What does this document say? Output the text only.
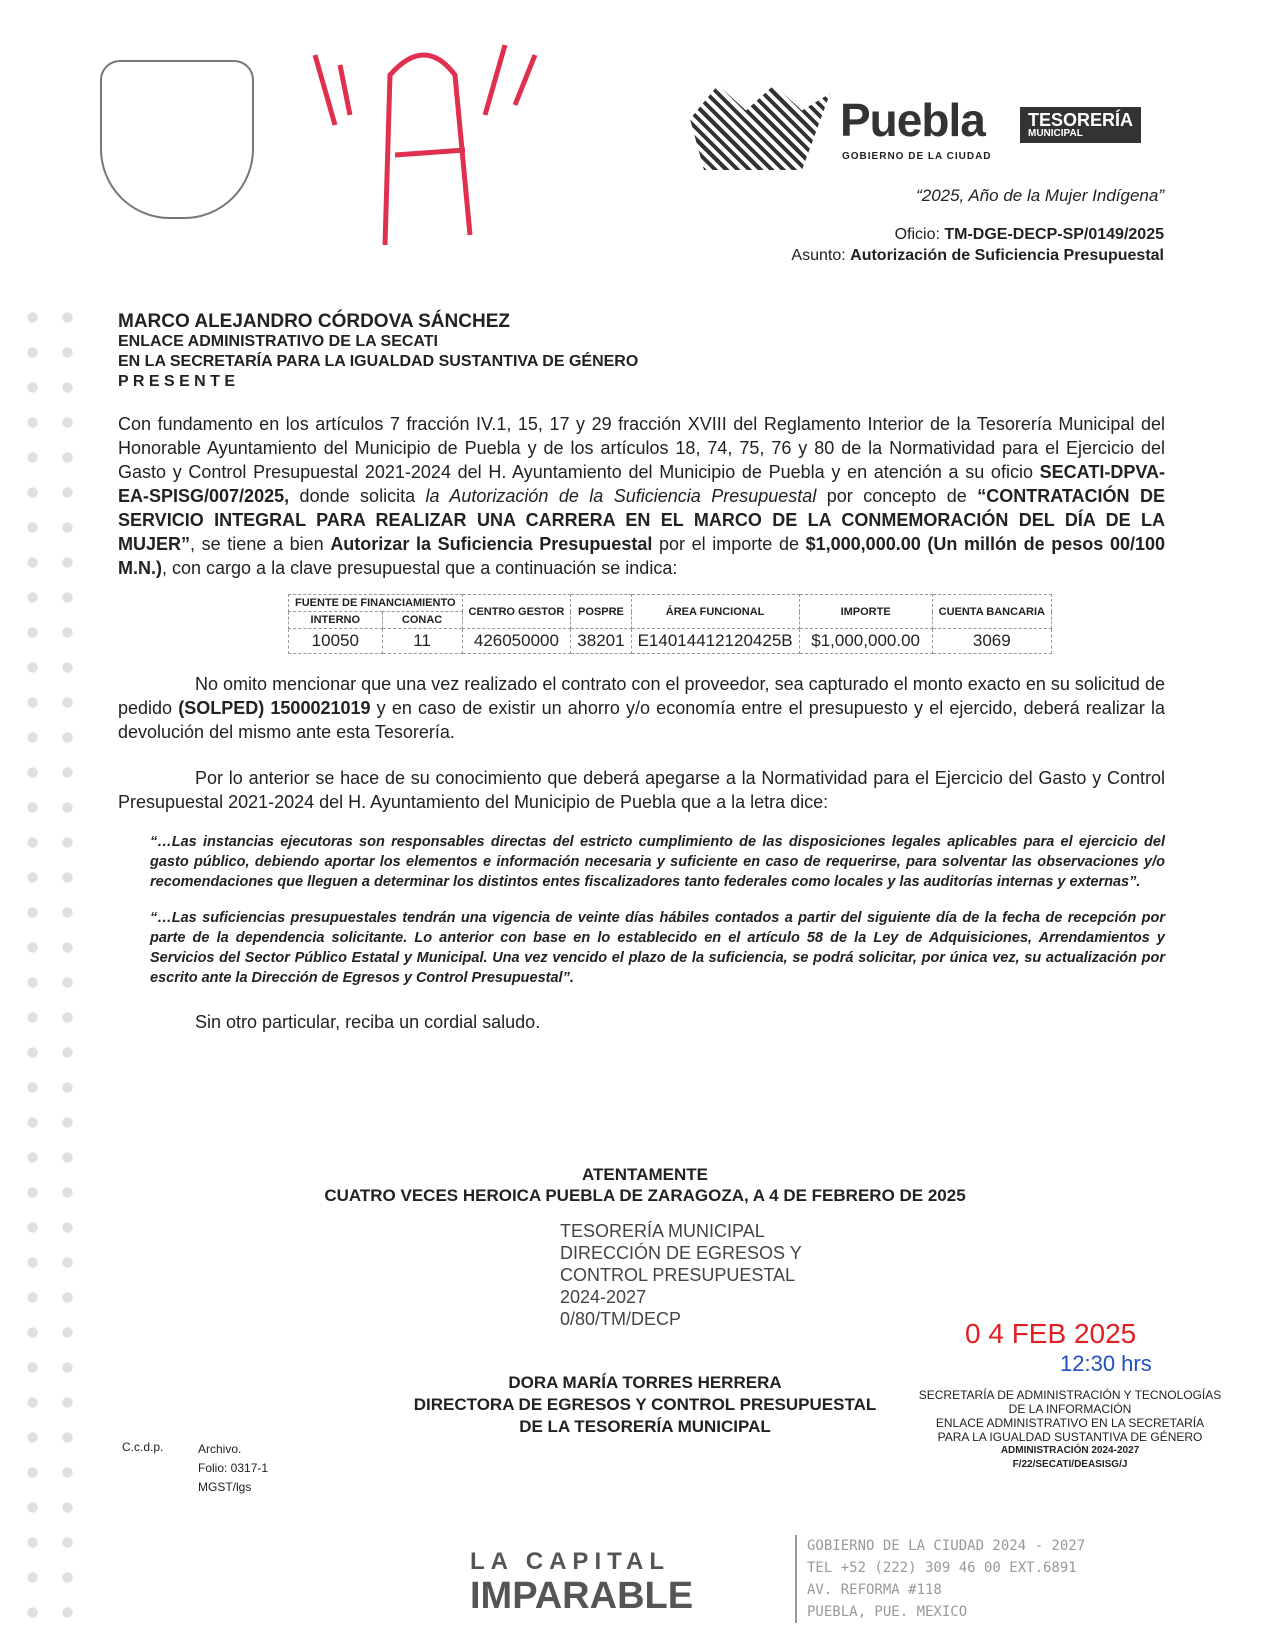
Puebla
GOBIERNO DE LA CIUDAD
TESORERÍA
MUNICIPAL
“2025, Año de la Mujer Indígena”
Oficio: TM-DGE-DECP-SP/0149/2025
Asunto: Autorización de Suficiencia Presupuestal
MARCO ALEJANDRO CÓRDOVA SÁNCHEZ
ENLACE ADMINISTRATIVO DE LA SECATI
EN LA SECRETARÍA PARA LA IGUALDAD SUSTANTIVA DE GÉNERO
P R E S E N T E

Con fundamento en los artículos 7 fracción IV.1, 15, 17 y 29 fracción XVIII del Reglamento Interior de la Tesorería Municipal del Honorable Ayuntamiento del Municipio de Puebla y de los artículos 18, 74, 75, 76 y 80 de la Normatividad para el Ejercicio del Gasto y Control Presupuestal 2021-2024 del H. Ayuntamiento del Municipio de Puebla y en atención a su oficio SECATI-DPVA-EA-SPISG/007/2025, donde solicita la Autorización de la Suficiencia Presupuestal por concepto de “CONTRATACIÓN DE SERVICIO INTEGRAL PARA REALIZAR UNA CARRERA EN EL MARCO DE LA CONMEMORACIÓN DEL DÍA DE LA MUJER”, se tiene a bien Autorizar la Suficiencia Presupuestal por el importe de $1,000,000.00 (Un millón de pesos 00/100 M.N.), con cargo a la clave presupuestal que a continuación se indica:

FUENTE DE FINANCIAMIENTO		CENTRO GESTOR	POSPRE	ÁREA FUNCIONAL	IMPORTE	CUENTA BANCARIA
INTERNO	CONAC					
10050	11	426050000	38201	E14014412120425B	$1,000,000.00	3069

No omito mencionar que una vez realizado el contrato con el proveedor, sea capturado el monto exacto en su solicitud de pedido (SOLPED) 1500021019 y en caso de existir un ahorro y/o economía entre el presupuesto y el ejercido, deberá realizar la devolución del mismo ante esta Tesorería.

Por lo anterior se hace de su conocimiento que deberá apegarse a la Normatividad para el Ejercicio del Gasto y Control Presupuestal 2021-2024 del H. Ayuntamiento del Municipio de Puebla que a la letra dice:

“…Las instancias ejecutoras son responsables directas del estricto cumplimiento de las disposiciones legales aplicables para el ejercicio del gasto público, debiendo aportar los elementos e información necesaria y suficiente en caso de requerirse, para solventar las observaciones y/o recomendaciones que lleguen a determinar los distintos entes fiscalizadores tanto federales como locales y las auditorías internas y externas”.

“…Las suficiencias presupuestales tendrán una vigencia de veinte días hábiles contados a partir del siguiente día de la fecha de recepción por parte de la dependencia solicitante. Lo anterior con base en lo establecido en el artículo 58 de la Ley de Adquisiciones, Arrendamientos y Servicios del Sector Público Estatal y Municipal. Una vez vencido el plazo de la suficiencia, se podrá solicitar, por única vez, su actualización por escrito ante la Dirección de Egresos y Control Presupuestal”.

Sin otro particular, reciba un cordial saludo.

ATENTAMENTE
CUATRO VECES HEROICA PUEBLA DE ZARAGOZA, A 4 DE FEBRERO DE 2025
TESORERÍA MUNICIPAL
DIRECCIÓN DE EGRESOS Y
CONTROL PRESUPUESTAL
2024-2027
0/80/TM/DECP
DORA MARÍA TORRES HERRERA
DIRECTORA DE EGRESOS Y CONTROL PRESUPUESTAL
DE LA TESORERÍA MUNICIPAL
0 4 FEB 2025
12:30 hrs
SECRETARÍA DE ADMINISTRACIÓN Y TECNOLOGÍAS
DE LA INFORMACIÓN
ENLACE ADMINISTRATIVO EN LA SECRETARÍA
PARA LA IGUALDAD SUSTANTIVA DE GÉNERO
ADMINISTRACIÓN 2024-2027
F/22/SECATI/DEASISG/J
C.c.d.p.	Archivo.
Folio: 0317-1
MGST/lgs
LA CAPITAL
IMPARABLE
GOBIERNO DE LA CIUDAD 2024 - 2027
TEL +52 (222) 309 46 00 EXT.6891
AV. REFORMA #118
PUEBLA, PUE. MEXICO
